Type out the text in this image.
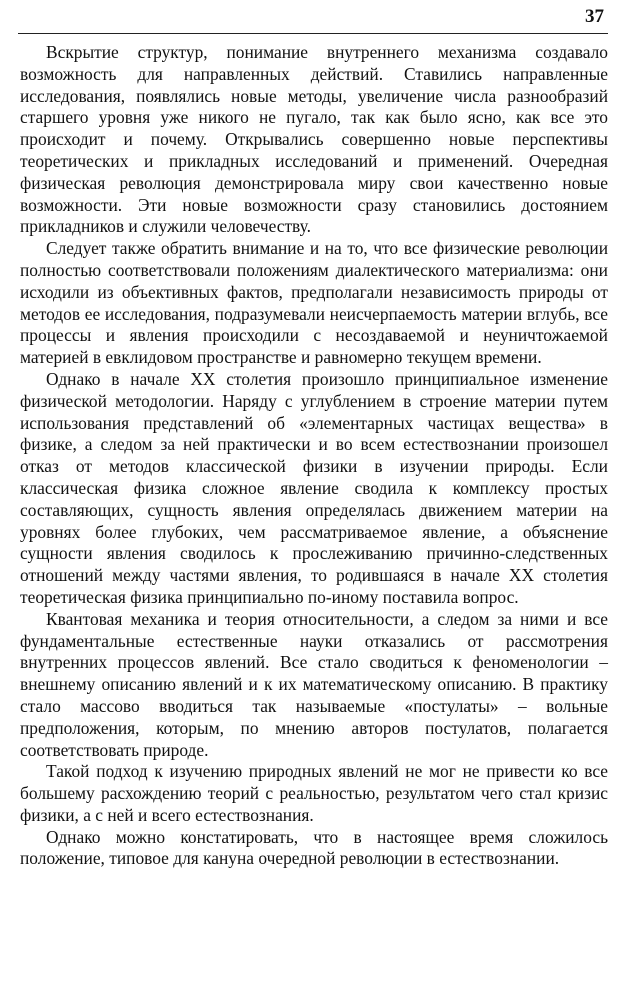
37

Вскрытие структур, понимание внутреннего механизма создавало возможность для направленных действий. Ставились направленные исследования, появлялись новые методы, увеличение числа разнообразий старшего уровня уже никого не пугало, так как было ясно, как все это происходит и почему. Открывались совершенно новые перспективы теоретических и прикладных исследований и применений. Очередная физическая революция демонстрировала миру свои качественно новые возможности. Эти новые возможности сразу становились достоянием прикладников и служили человечеству.

Следует также обратить внимание и на то, что все физические революции полностью соответствовали положениям диалектического материализма: они исходили из объективных фактов, предполагали независимость природы от методов ее исследования, подразумевали неисчерпаемость материи вглубь, все процессы и явления происходили с несоздаваемой и неуничтожаемой материей в евклидовом пространстве и равномерно текущем времени.

Однако в начале XX столетия произошло принципиальное изменение физической методологии. Наряду с углублением в строение материи путем использования представлений об «элементарных частицах вещества» в физике, а следом за ней практически и во всем естествознании произошел отказ от методов классической физики в изучении природы. Если классическая физика сложное явление сводила к комплексу простых составляющих, сущность явления определялась движением материи на уровнях более глубоких, чем рассматриваемое явление, а объяснение сущности явления сводилось к прослеживанию причинно-следственных отношений между частями явления, то родившаяся в начале XX столетия теоретическая физика принципиально по-иному поставила вопрос.

Квантовая механика и теория относительности, а следом за ними и все фундаментальные естественные науки отказались от рассмотрения внутренних процессов явлений. Все стало сводиться к феноменологии – внешнему описанию явлений и к их математическому описанию. В практику стало массово вводиться так называемые «постулаты» – вольные предположения, которым, по мнению авторов постулатов, полагается соответствовать природе.

Такой подход к изучению природных явлений не мог не привести ко все большему расхождению теорий с реальностью, результатом чего стал кризис физики, а с ней и всего естествознания.

Однако можно констатировать, что в настоящее время сложилось положение, типовое для кануна очередной революции в естествознании.
